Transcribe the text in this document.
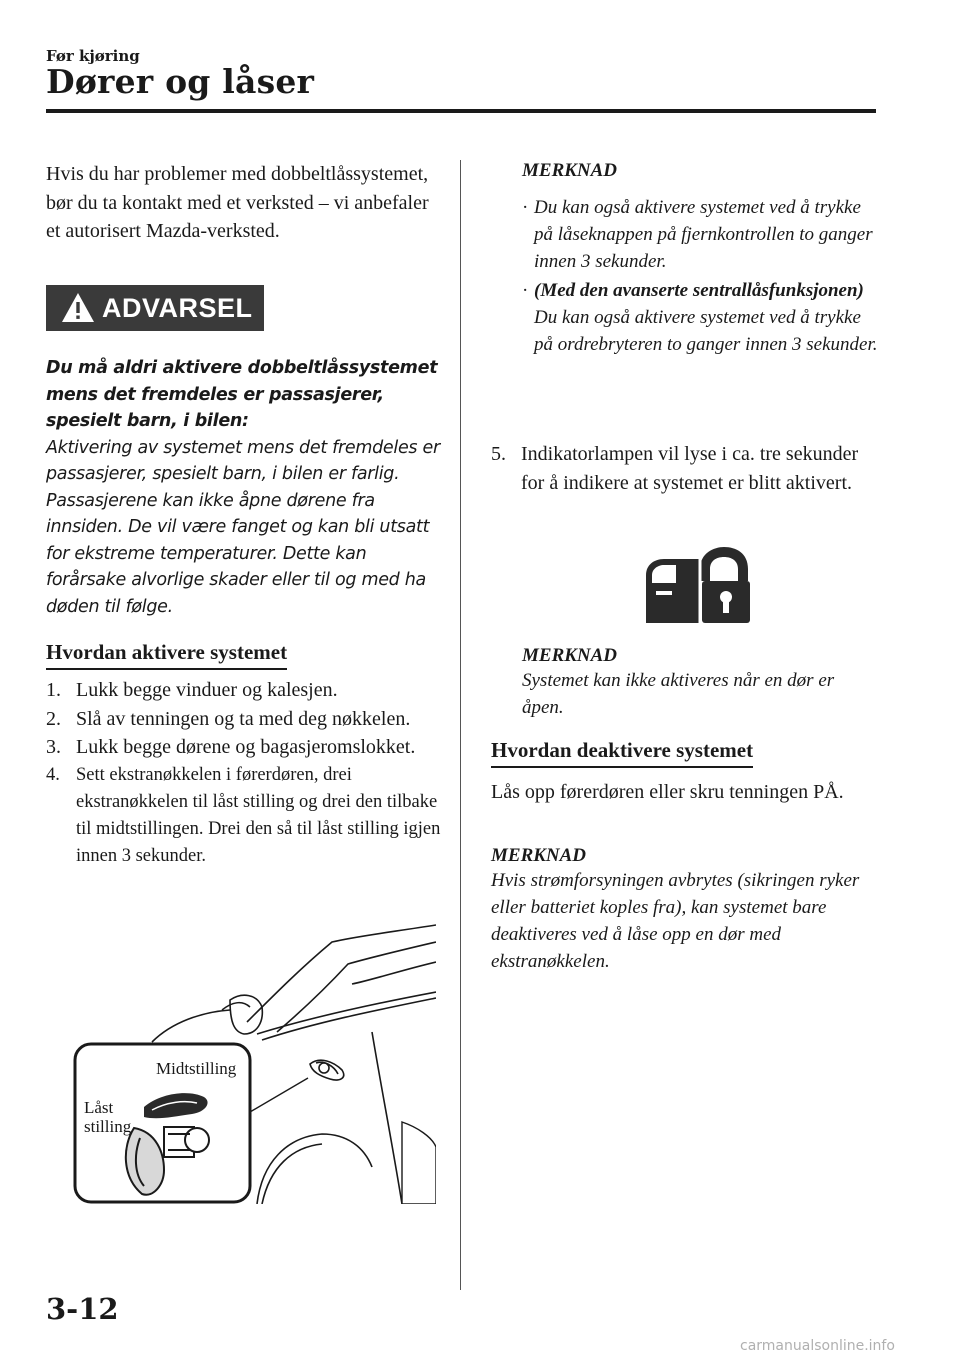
Før kjøring
Dører og låser
Hvis du har problemer med dobbeltlåssystemet, bør du ta kontakt med et verksted – vi anbefaler et autorisert Mazda-verksted.
ADVARSEL
Du må aldri aktivere dobbeltlåssystemet mens det fremdeles er passasjerer, spesielt barn, i bilen:
Aktivering av systemet mens det fremdeles er passasjerer, spesielt barn, i bilen er farlig. Passasjerene kan ikke åpne dørene fra innsiden. De vil være fanget og kan bli utsatt for ekstreme temperaturer. Dette kan forårsake alvorlige skader eller til og med ha døden til følge.
Hvordan aktivere systemet
1. Lukk begge vinduer og kalesjen.
2. Slå av tenningen og ta med deg nøkkelen.
3. Lukk begge dørene og bagasjeromslokket.
4. Sett ekstranøkkelen i førerdøren, drei ekstranøkkelen til låst stilling og drei den tilbake til midtstillingen. Drei den så til låst stilling igjen innen 3 sekunder.
Midtstilling
Låst stilling
MERKNAD
· Du kan også aktivere systemet ved å trykke på låseknappen på fjernkontrollen to ganger innen 3 sekunder.
· (Med den avanserte sentrallåsfunksjonen)
Du kan også aktivere systemet ved å trykke på ordrebryteren to ganger innen 3 sekunder.
5. Indikatorlampen vil lyse i ca. tre sekunder for å indikere at systemet er blitt aktivert.
MERKNAD
Systemet kan ikke aktiveres når en dør er åpen.
Hvordan deaktivere systemet
Lås opp førerdøren eller skru tenningen PÅ.
MERKNAD
Hvis strømforsyningen avbrytes (sikringen ryker eller batteriet koples fra), kan systemet bare deaktiveres ved å låse opp en dør med ekstranøkkelen.
3-12
carmanualsonline.info
